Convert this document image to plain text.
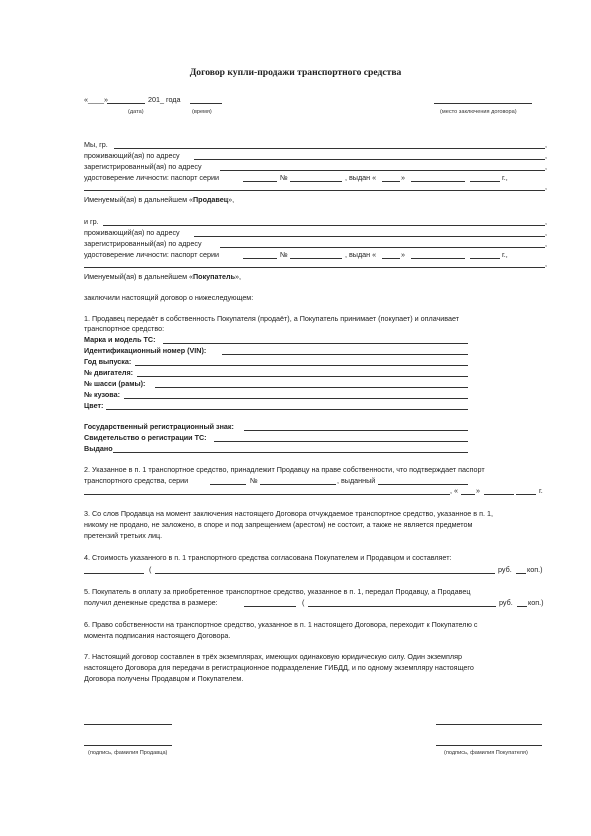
Договор купли-продажи транспортного средства
«____»	201_ года
(дата)	(время)	(место заключения договора)
Мы, гр.	,
проживающий(ая) по адресу	,
зарегистрированный(ая) по адресу	,
удостоверение личности: паспорт серии	№	, выдан «	»	г.,
,
Именуемый(ая) в дальнейшем «Продавец»,
и гр.	,
проживающий(ая) по адресу	,
зарегистрированный(ая) по адресу	,
удостоверение личности: паспорт серии	№	, выдан «	»	г.,
,
Именуемый(ая) в дальнейшем «Покупатель»,
заключили настоящий договор о нижеследующем:
1. Продавец передаёт в собственность Покупателя (продаёт), а Покупатель принимает (покупает) и оплачивает
транспортное средство:
Марка и модель ТС:
Идентификационный номер (VIN):
Год выпуска:
№ двигателя:
№ шасси (рамы):
№ кузова:
Цвет:
Государственный регистрационный знак:
Свидетельство о регистрации ТС:
Выдано
2. Указанное в п. 1 транспортное средство, принадлежит Продавцу на праве собственности, что подтверждает паспорт
транспортного средства, серии	№	, выданный
, «	»	г.
3. Со слов Продавца на момент заключения настоящего Договора отчуждаемое транспортное средство, указанное в п. 1,
никому не продано, не заложено, в споре и под запрещением (арестом) не состоит, а также не является предметом
претензий третьих лиц.
4. Стоимость указанного в п. 1 транспортного средства согласована Покупателем и Продавцом и составляет:
(	руб. коп.)
5. Покупатель в оплату за приобретенное транспортное средство, указанное в п. 1, передал Продавцу, а Продавец
получил денежные средства в размере:	(	руб. коп.)
6. Право собственности на транспортное средство, указанное в п. 1 настоящего Договора, переходит к Покупателю с
момента подписания настоящего Договора.
7. Настоящий договор составлен в трёх экземплярах, имеющих одинаковую юридическую силу. Один экземпляр
настоящего Договора для передачи в регистрационное подразделение ГИБДД, и по одному экземпляру настоящего
Договора получены Продавцом и Покупателем.
(подпись, фамилия Продавца)	(подпись, фамилия Покупателя)
